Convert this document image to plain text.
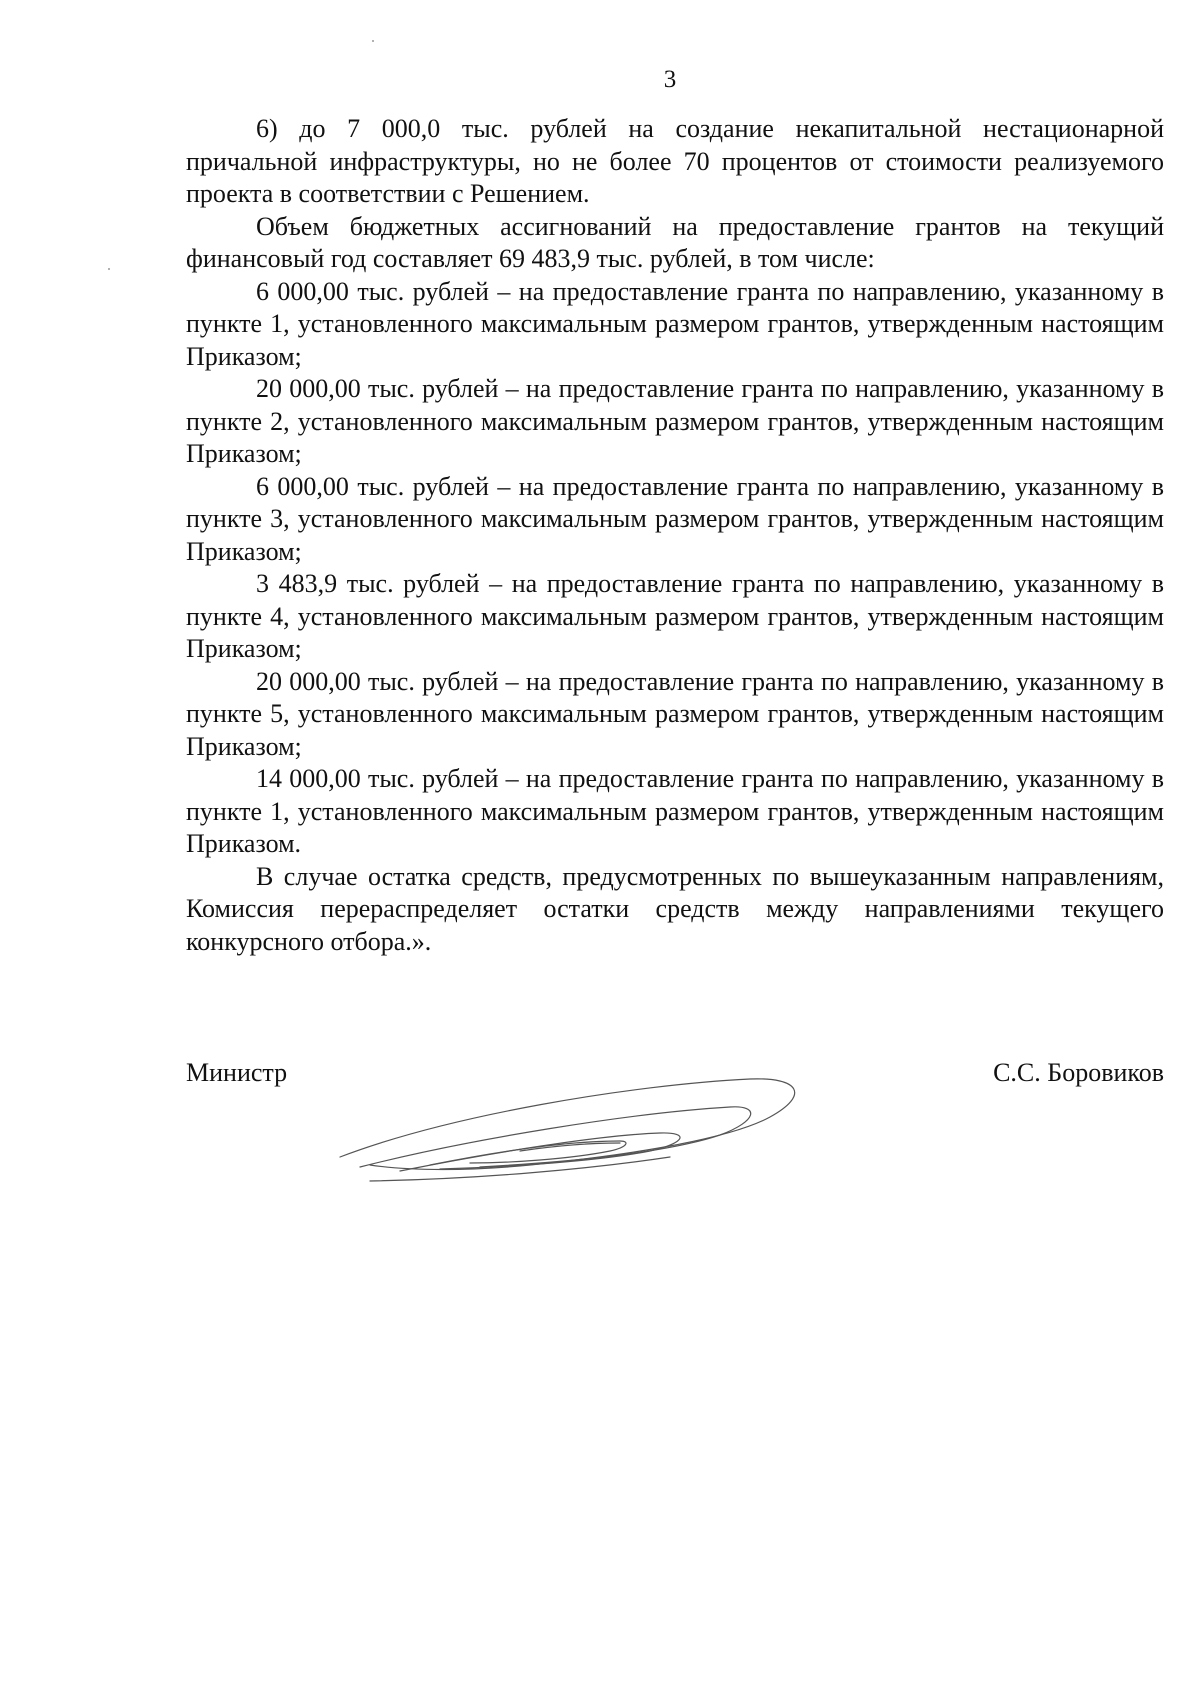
3

6) до 7 000,0 тыс. рублей на создание некапитальной нестационарной причальной инфраструктуры, но не более 70 процентов от стоимости реализуемого проекта в соответствии с Решением.

Объем бюджетных ассигнований на предоставление грантов на текущий финансовый год составляет 69 483,9 тыс. рублей, в том числе:

6 000,00 тыс. рублей – на предоставление гранта по направлению, указанному в пункте 1, установленного максимальным размером грантов, утвержденным настоящим Приказом;

20 000,00 тыс. рублей – на предоставление гранта по направлению, указанному в пункте 2, установленного максимальным размером грантов, утвержденным настоящим Приказом;

6 000,00 тыс. рублей – на предоставление гранта по направлению, указанному в пункте 3, установленного максимальным размером грантов, утвержденным настоящим Приказом;

3 483,9 тыс. рублей – на предоставление гранта по направлению, указанному в пункте 4, установленного максимальным размером грантов, утвержденным настоящим Приказом;

20 000,00 тыс. рублей – на предоставление гранта по направлению, указанному в пункте 5, установленного максимальным размером грантов, утвержденным настоящим Приказом;

14 000,00 тыс. рублей – на предоставление гранта по направлению, указанному в пункте 1, установленного максимальным размером грантов, утвержденным настоящим Приказом.

В случае остатка средств, предусмотренных по вышеуказанным направлениям, Комиссия перераспределяет остатки средств между направлениями текущего конкурсного отбора.».

Министр	С.С. Боровиков
